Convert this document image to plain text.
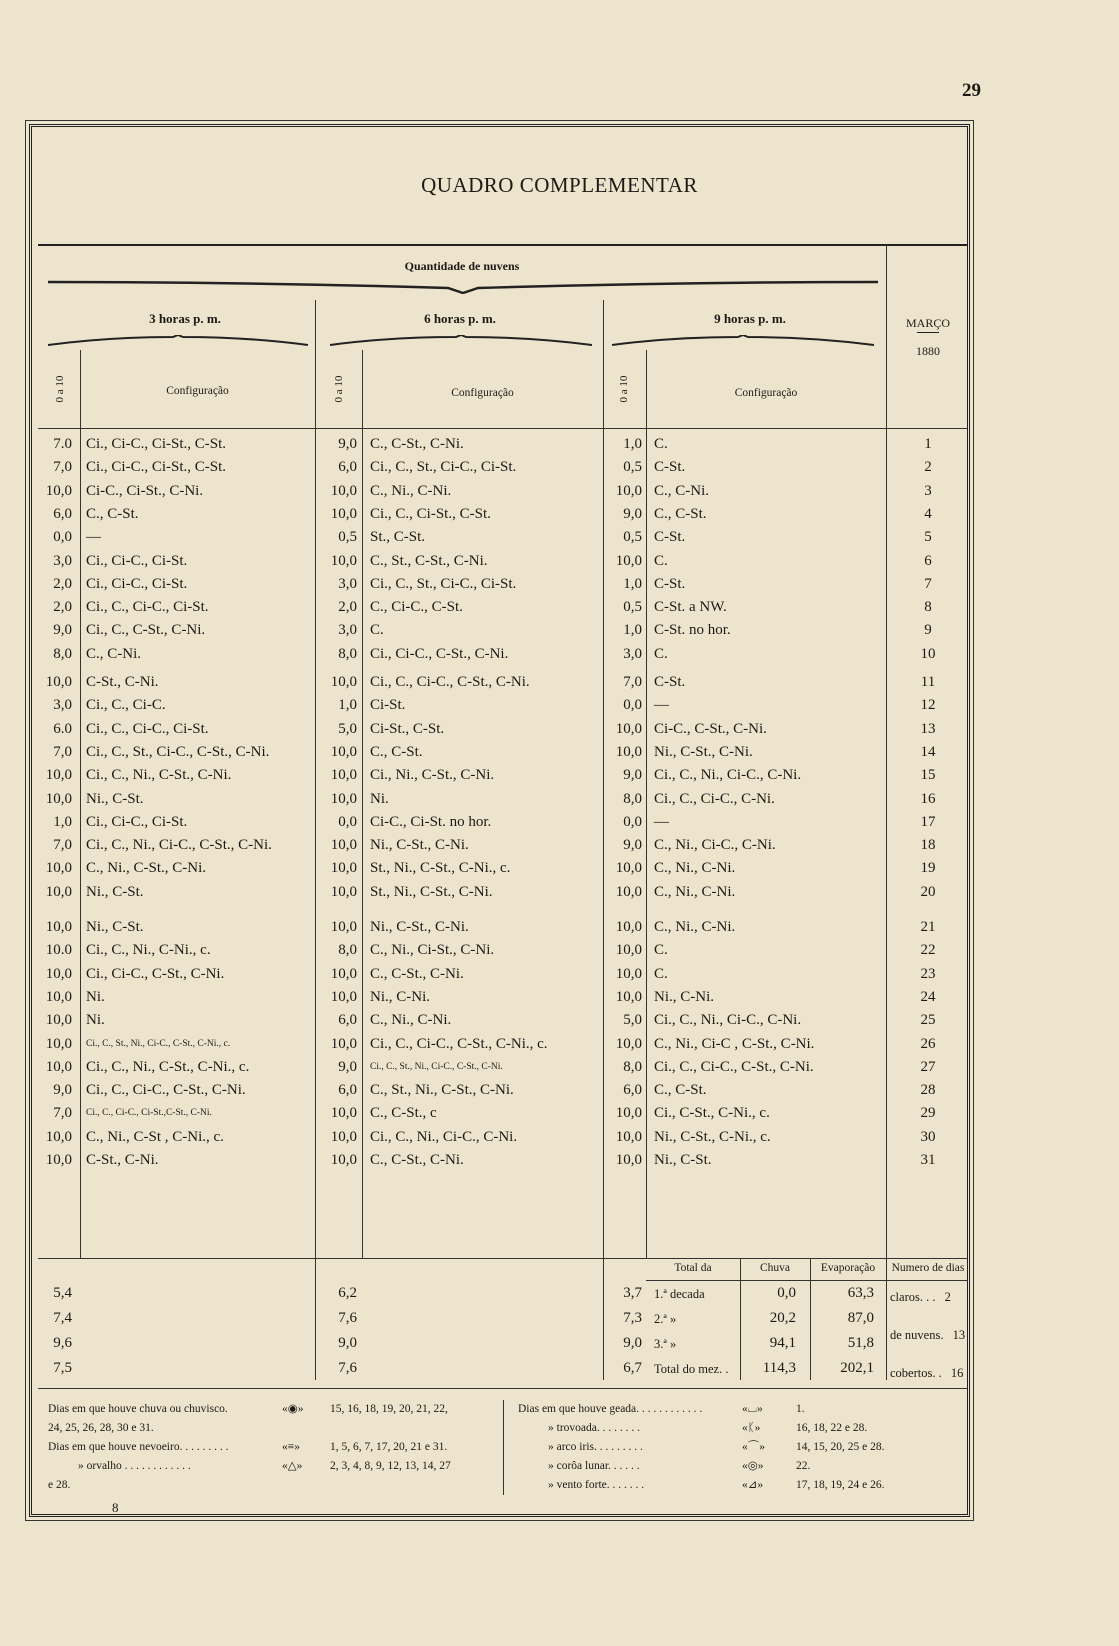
29
QUADRO COMPLEMENTAR
Quantidade de nuvens
3 horas p. m.	6 horas p. m.	9 horas p. m.	MARÇO
1880
0 a 10	0 a 10	0 a 10
Configuração	Configuração	Configuração
7.0 Ci., Ci-C., Ci-St., C-St.	9,0 C., C-St., C-Ni.	1,0 C.	1
7,0 Ci., Ci-C., Ci-St., C-St.	6,0 Ci., C., St., Ci-C., Ci-St.	0,5 C-St.	2
10,0 Ci-C., Ci-St., C-Ni.	10,0 C., Ni., C-Ni.	10,0 C., C-Ni.	3
6,0 C., C-St.	10,0 Ci., C., Ci-St., C-St.	9,0 C., C-St.	4
0,0 —	0,5 St., C-St.	0,5 C-St.	5
3,0 Ci., Ci-C., Ci-St.	10,0 C., St., C-St., C-Ni.	10,0 C.	6
2,0 Ci., Ci-C., Ci-St.	3,0 Ci., C., St., Ci-C., Ci-St.	1,0 C-St.	7
2,0 Ci., C., Ci-C., Ci-St.	2,0 C., Ci-C., C-St.	0,5 C-St. a NW.	8
9,0 Ci., C., C-St., C-Ni.	3,0 C.	1,0 C-St. no hor.	9
8,0 C., C-Ni.	8,0 Ci., Ci-C., C-St., C-Ni.	3,0 C.	10
10,0 C-St., C-Ni.	10,0 Ci., C., Ci-C., C-St., C-Ni.	7,0 C-St.	11
3,0 Ci., C., Ci-C.	1,0 Ci-St.	0,0 —	12
6.0 Ci., C., Ci-C., Ci-St.	5,0 Ci-St., C-St.	10,0 Ci-C., C-St., C-Ni.	13
7,0 Ci., C., St., Ci-C., C-St., C-Ni.	10,0 C., C-St.	10,0 Ni., C-St., C-Ni.	14
10,0 Ci., C., Ni., C-St., C-Ni.	10,0 Ci., Ni., C-St., C-Ni.	9,0 Ci., C., Ni., Ci-C., C-Ni.	15
10,0 Ni., C-St.	10,0 Ni.	8,0 Ci., C., Ci-C., C-Ni.	16
1,0 Ci., Ci-C., Ci-St.	0,0 Ci-C., Ci-St. no hor.	0,0 —	17
7,0 Ci., C., Ni., Ci-C., C-St., C-Ni.	10,0 Ni., C-St., C-Ni.	9,0 C., Ni., Ci-C., C-Ni.	18
10,0 C., Ni., C-St., C-Ni.	10,0 St., Ni., C-St., C-Ni., c.	10,0 C., Ni., C-Ni.	19
10,0 Ni., C-St.	10,0 St., Ni., C-St., C-Ni.	10,0 C., Ni., C-Ni.	20
10,0 Ni., C-St.	10,0 Ni., C-St., C-Ni.	10,0 C., Ni., C-Ni.	21
10.0 Ci., C., Ni., C-Ni., c.	8,0 C., Ni., Ci-St., C-Ni.	10,0 C.	22
10,0 Ci., Ci-C., C-St., C-Ni.	10,0 C., C-St., C-Ni.	10,0 C.	23
10,0 Ni.	10,0 Ni., C-Ni.	10,0 Ni., C-Ni.	24
10,0 Ni.	6,0 C., Ni., C-Ni.	5,0 Ci., C., Ni., Ci-C., C-Ni.	25
10,0 Ci., C., St., Ni., Ci-C., C-St., C-Ni., c.	10,0 Ci., C., Ci-C., C-St., C-Ni., c.	10,0 C., Ni., Ci-C , C-St., C-Ni.	26
10,0 Ci., C., Ni., C-St., C-Ni., c.	9,0 Ci., C., St., Ni., Ci-C., C-St., C-Ni.	8,0 Ci., C., Ci-C., C-St., C-Ni.	27
9,0 Ci., C., Ci-C., C-St., C-Ni.	6,0 C., St., Ni., C-St., C-Ni.	6,0 C., C-St.	28
7,0 Ci., C., Ci-C., Ci-St.,C-St., C-Ni.	10,0 C., C-St., c	10,0 Ci., C-St., C-Ni., c.	29
10,0 C., Ni., C-St , C-Ni., c.	10,0 Ci., C., Ni., Ci-C., C-Ni.	10,0 Ni., C-St., C-Ni., c.	30
10,0 C-St., C-Ni.	10,0 C., C-St., C-Ni.	10,0 Ni., C-St.	31
Total da	Chuva	Evaporação	Numero de dias
5,4	6,2	3,7 1.ª decada	0,0	63,3
7,4	7,6	7,3 2.ª »	20,2	87,0
9,6	9,0	9,0 3.ª »	94,1	51,8
7,5	7,6	6,7 Total do mez. .	114,3	202,1
claros. . . 2
de nuvens. 13
cobertos. . 16
Dias em que houve chuva ou chuvisco.	«◉» 15, 16, 18, 19, 20, 21, 22,
24, 25, 26, 28, 30 e 31.
Dias em que houve nevoeiro. . . . . . . . .	«≡»	1, 5, 6, 7, 17, 20, 21 e 31.
» orvalho . . . . . . . . . . . .	«△» 2, 3, 4, 8, 9, 12, 13, 14, 27
e 28.
Dias em que houve geada. . . . . . . . . . . .	«⌴»	1.
» trovoada. . . . . . . .	«ᛕ»	16, 18, 22 e 28.
» arco iris. . . . . . . . .	«⌒»	14, 15, 20, 25 e 28.
» corôa lunar. . . . . .	«◎»	22.
» vento forte. . . . . . .	«⊿»	17, 18, 19, 24 e 26.
8
